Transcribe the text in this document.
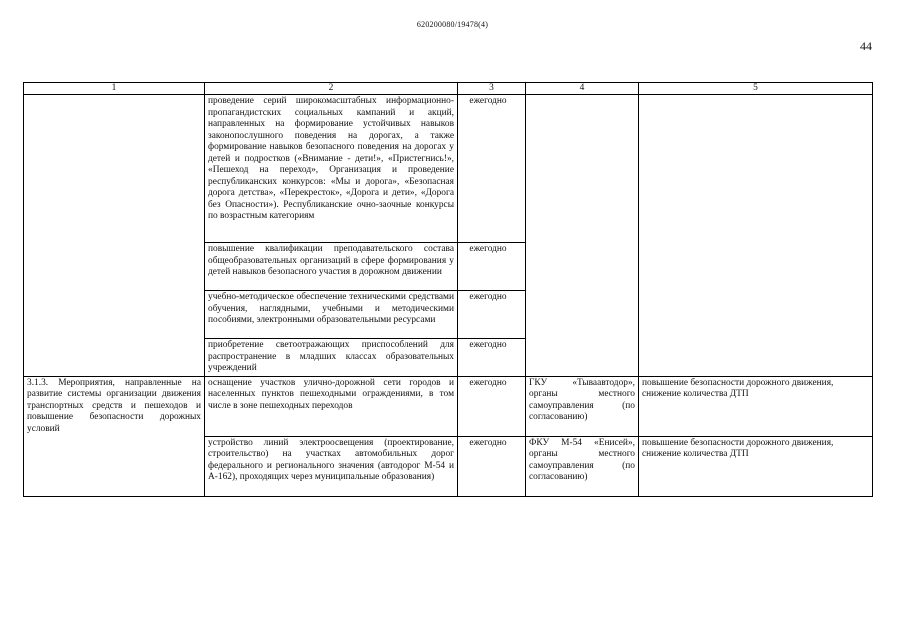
620200080/19478(4)
44
1	2	3	4	5
	проведение серий широкомасштабных информационно-пропагандистских социальных кампаний и акций, направленных на формирование устойчивых навыков законопослушного поведения на дорогах, а также формирование навыков безопасного поведения на дорогах у детей и подростков («Внимание - дети!», «Пристегнись!», «Пешеход на переход», Организация и проведение республиканских конкурсов: «Мы и дорога», «Безопасная дорога детства», «Перекресток», «Дорога и дети», «Дорога без Опасности»). Республиканские очно-заочные конкурсы по возрастным категориям	ежегодно		
	повышение квалификации преподавательского состава общеобразовательных организаций в сфере формирования у детей навыков безопасного участия в дорожном движении	ежегодно		
	учебно-методическое обеспечение техническими средствами обучения, наглядными, учебными и методическими пособиями, электронными образовательными ресурсами	ежегодно		
	приобретение светоотражающих приспособлений для распространение в младших классах образовательных учреждений	ежегодно		
3.1.3. Мероприятия, направленные на развитие системы организации движения транспортных средств и пешеходов и повышение безопасности дорожных условий	оснащение участков улично-дорожной сети городов и населенных пунктов пешеходными ограждениями, в том числе в зоне пешеходных переходов	ежегодно	ГКУ «Тываавтодор», органы местного самоуправления (по согласованию)	повышение безопасности дорожного движения, снижение количества ДТП
	устройство линий электроосвещения (проектирование, строительство) на участках автомобильных дорог федерального и регионального значения (автодорог М-54 и А-162), проходящих через муниципальные образования)	ежегодно	ФКУ М-54 «Енисей», органы местного самоуправления (по согласованию)	повышение безопасности дорожного движения, снижение количества ДТП
